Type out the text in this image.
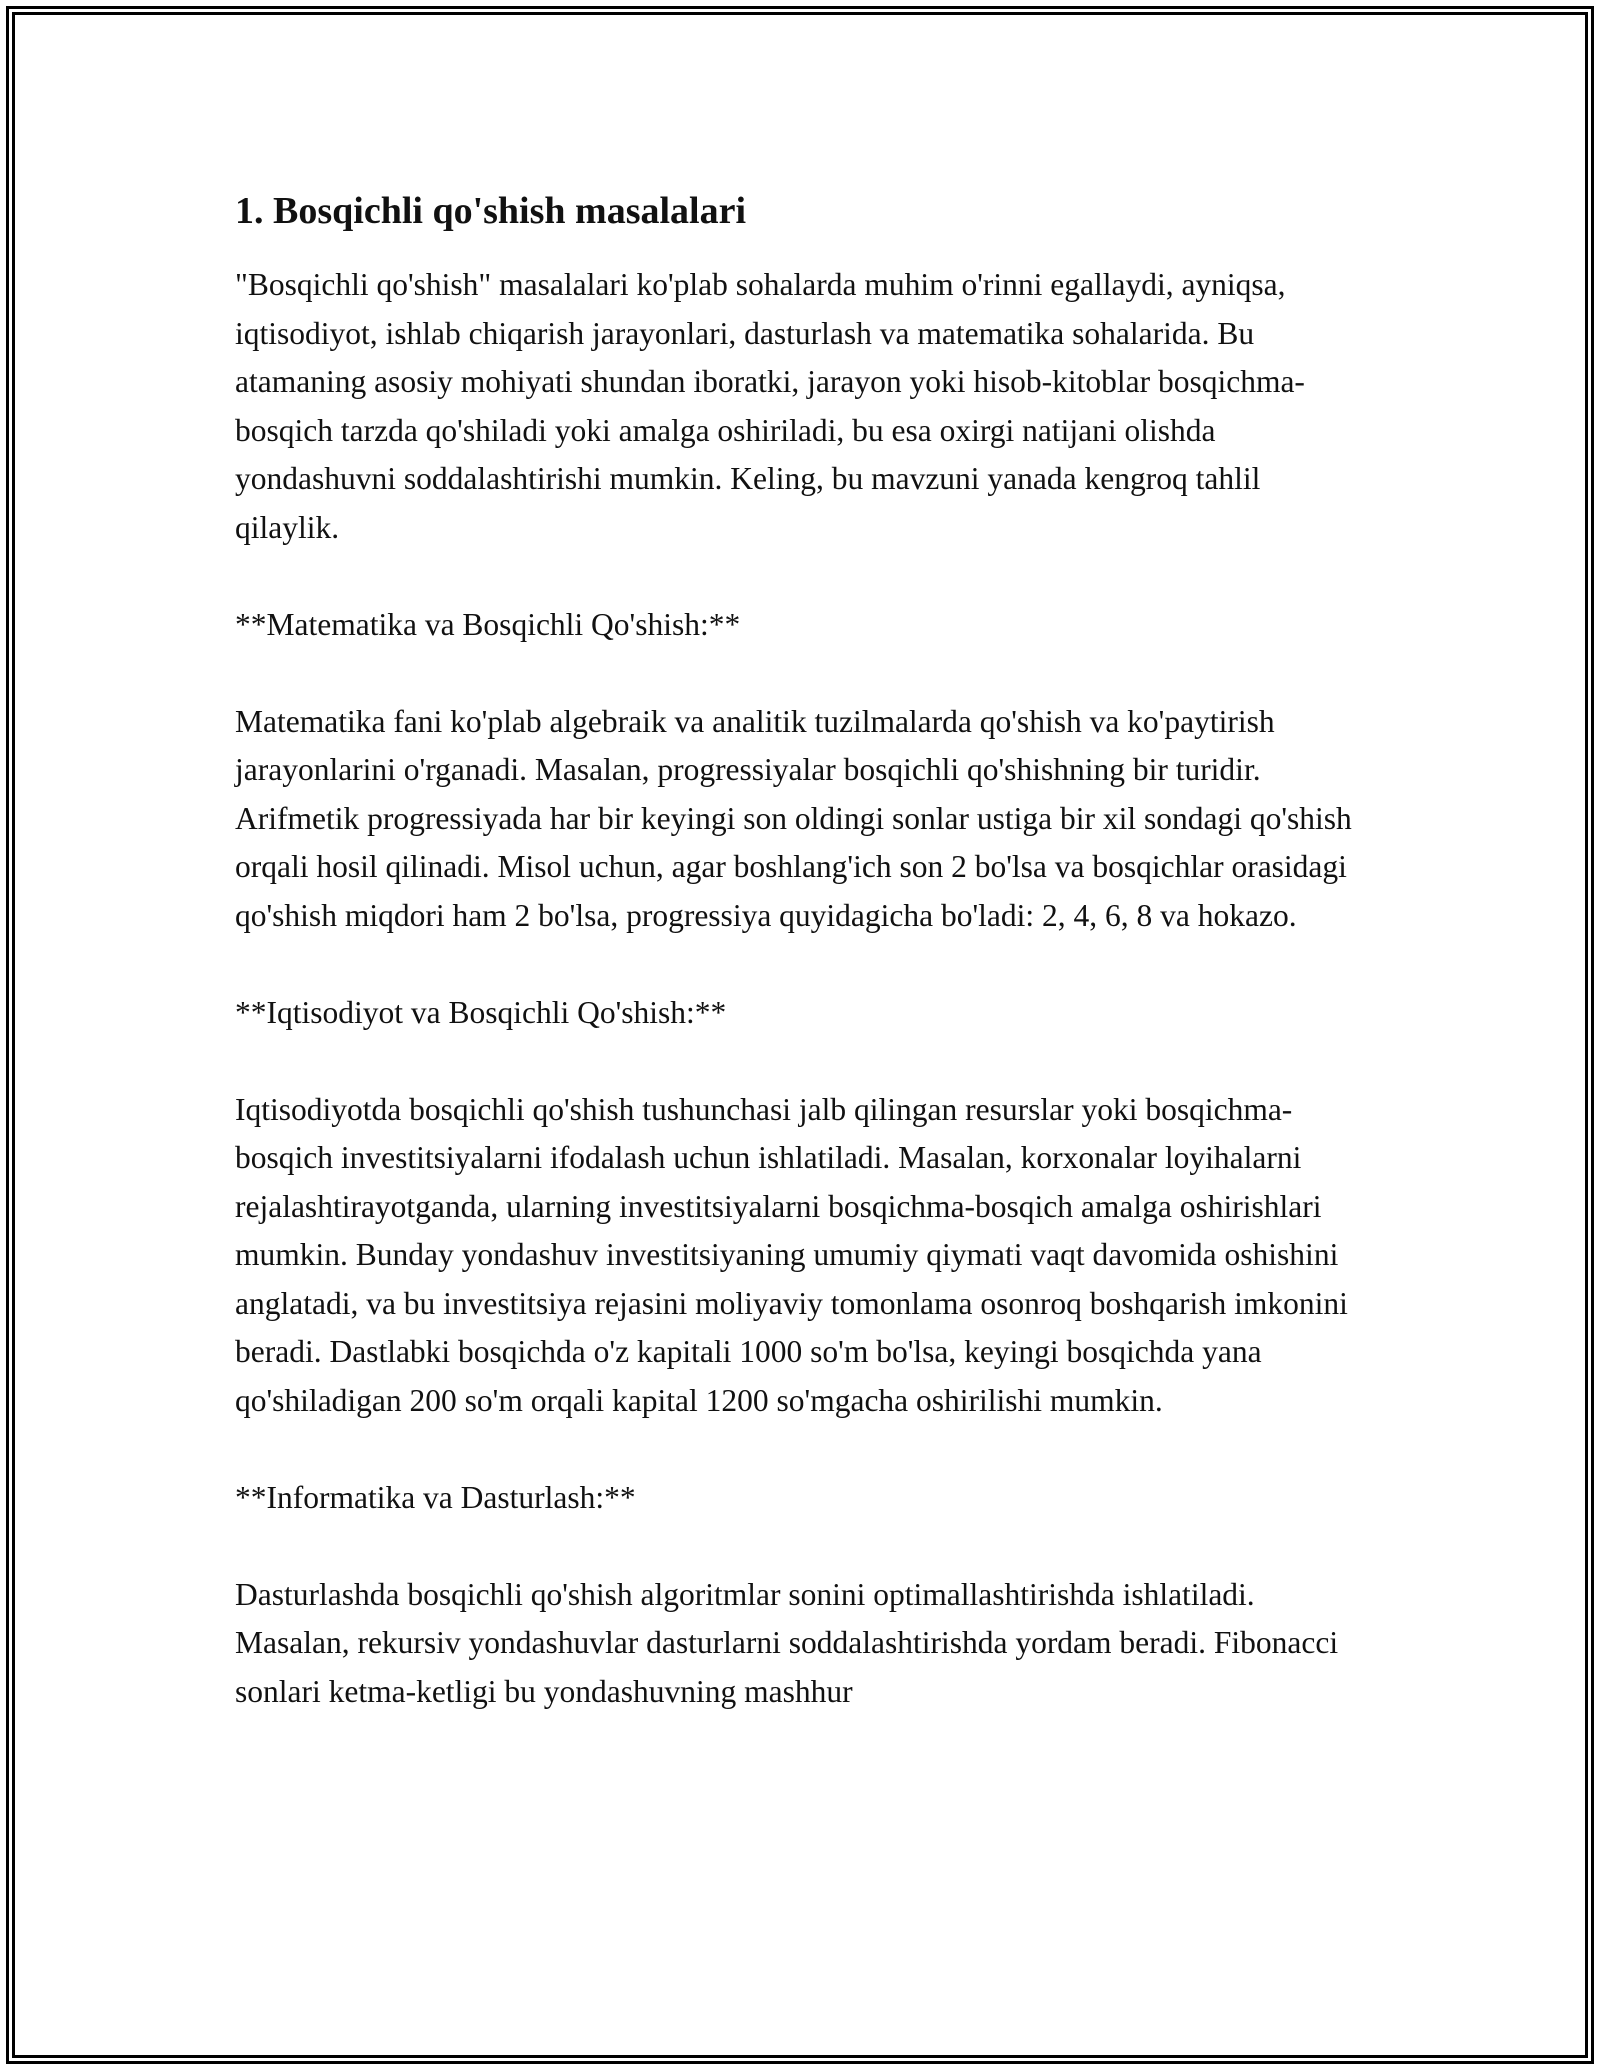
1. Bosqichli qo'shish masalalari

"Bosqichli qo'shish" masalalari ko'plab sohalarda muhim o'rinni egallaydi, ayniqsa, iqtisodiyot, ishlab chiqarish jarayonlari, dasturlash va matematika sohalarida. Bu atamaning asosiy mohiyati shundan iboratki, jarayon yoki hisob-kitoblar bosqichma-bosqich tarzda qo'shiladi yoki amalga oshiriladi, bu esa oxirgi natijani olishda yondashuvni soddalashtirishi mumkin. Keling, bu mavzuni yanada kengroq tahlil qilaylik.

**Matematika va Bosqichli Qo'shish:**

Matematika fani ko'plab algebraik va analitik tuzilmalarda qo'shish va ko'paytirish jarayonlarini o'rganadi. Masalan, progressiyalar bosqichli qo'shishning bir turidir. Arifmetik progressiyada har bir keyingi son oldingi sonlar ustiga bir xil sondagi qo'shish orqali hosil qilinadi. Misol uchun, agar boshlang'ich son 2 bo'lsa va bosqichlar orasidagi qo'shish miqdori ham 2 bo'lsa, progressiya quyidagicha bo'ladi: 2, 4, 6, 8 va hokazo.

**Iqtisodiyot va Bosqichli Qo'shish:**

Iqtisodiyotda bosqichli qo'shish tushunchasi jalb qilingan resurslar yoki bosqichma-bosqich investitsiyalarni ifodalash uchun ishlatiladi. Masalan, korxonalar loyihalarni rejalashtirayotganda, ularning investitsiyalarni bosqichma-bosqich amalga oshirishlari mumkin. Bunday yondashuv investitsiyaning umumiy qiymati vaqt davomida oshishini anglatadi, va bu investitsiya rejasini moliyaviy tomonlama osonroq boshqarish imkonini beradi. Dastlabki bosqichda o'z kapitali 1000 so'm bo'lsa, keyingi bosqichda yana qo'shiladigan 200 so'm orqali kapital 1200 so'mgacha oshirilishi mumkin.

**Informatika va Dasturlash:**

Dasturlashda bosqichli qo'shish algoritmlar sonini optimallashtirishda ishlatiladi. Masalan, rekursiv yondashuvlar dasturlarni soddalashtirishda yordam beradi. Fibonacci sonlari ketma-ketligi bu yondashuvning mashhur
